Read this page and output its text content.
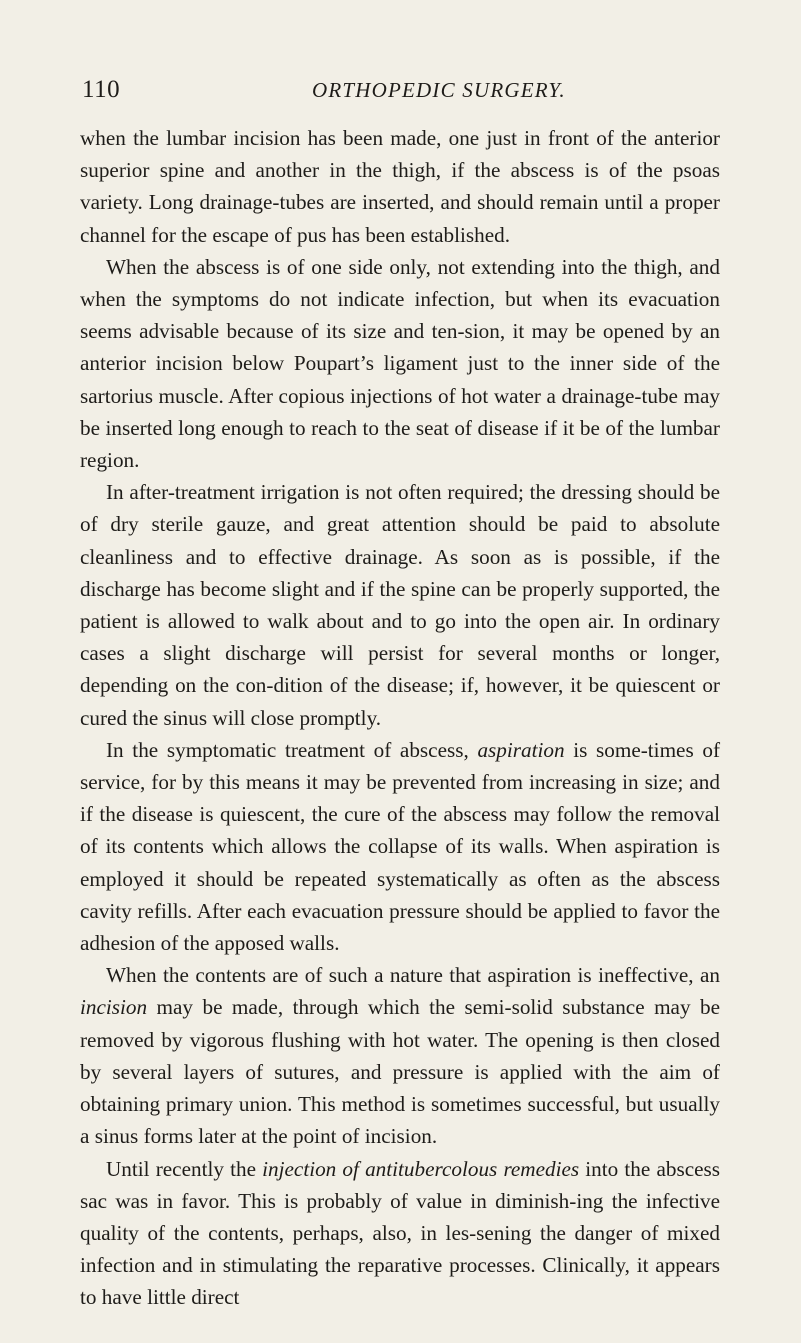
110	ORTHOPEDIC SURGERY.

when the lumbar incision has been made, one just in front of the anterior superior spine and another in the thigh, if the abscess is of the psoas variety. Long drainage-tubes are inserted, and should remain until a proper channel for the escape of pus has been established.

When the abscess is of one side only, not extending into the thigh, and when the symptoms do not indicate infection, but when its evacuation seems advisable because of its size and ten-sion, it may be opened by an anterior incision below Poupart’s ligament just to the inner side of the sartorius muscle. After copious injections of hot water a drainage-tube may be inserted long enough to reach to the seat of disease if it be of the lumbar region.

In after-treatment irrigation is not often required; the dressing should be of dry sterile gauze, and great attention should be paid to absolute cleanliness and to effective drainage. As soon as is possible, if the discharge has become slight and if the spine can be properly supported, the patient is allowed to walk about and to go into the open air. In ordinary cases a slight discharge will persist for several months or longer, depending on the con-dition of the disease; if, however, it be quiescent or cured the sinus will close promptly.

In the symptomatic treatment of abscess, aspiration is some-times of service, for by this means it may be prevented from increasing in size; and if the disease is quiescent, the cure of the abscess may follow the removal of its contents which allows the collapse of its walls. When aspiration is employed it should be repeated systematically as often as the abscess cavity refills. After each evacuation pressure should be applied to favor the adhesion of the apposed walls.

When the contents are of such a nature that aspiration is ineffective, an incision may be made, through which the semi-solid substance may be removed by vigorous flushing with hot water. The opening is then closed by several layers of sutures, and pressure is applied with the aim of obtaining primary union. This method is sometimes successful, but usually a sinus forms later at the point of incision.

Until recently the injection of antitubercolous remedies into the abscess sac was in favor. This is probably of value in diminish-ing the infective quality of the contents, perhaps, also, in les-sening the danger of mixed infection and in stimulating the reparative processes. Clinically, it appears to have little direct
